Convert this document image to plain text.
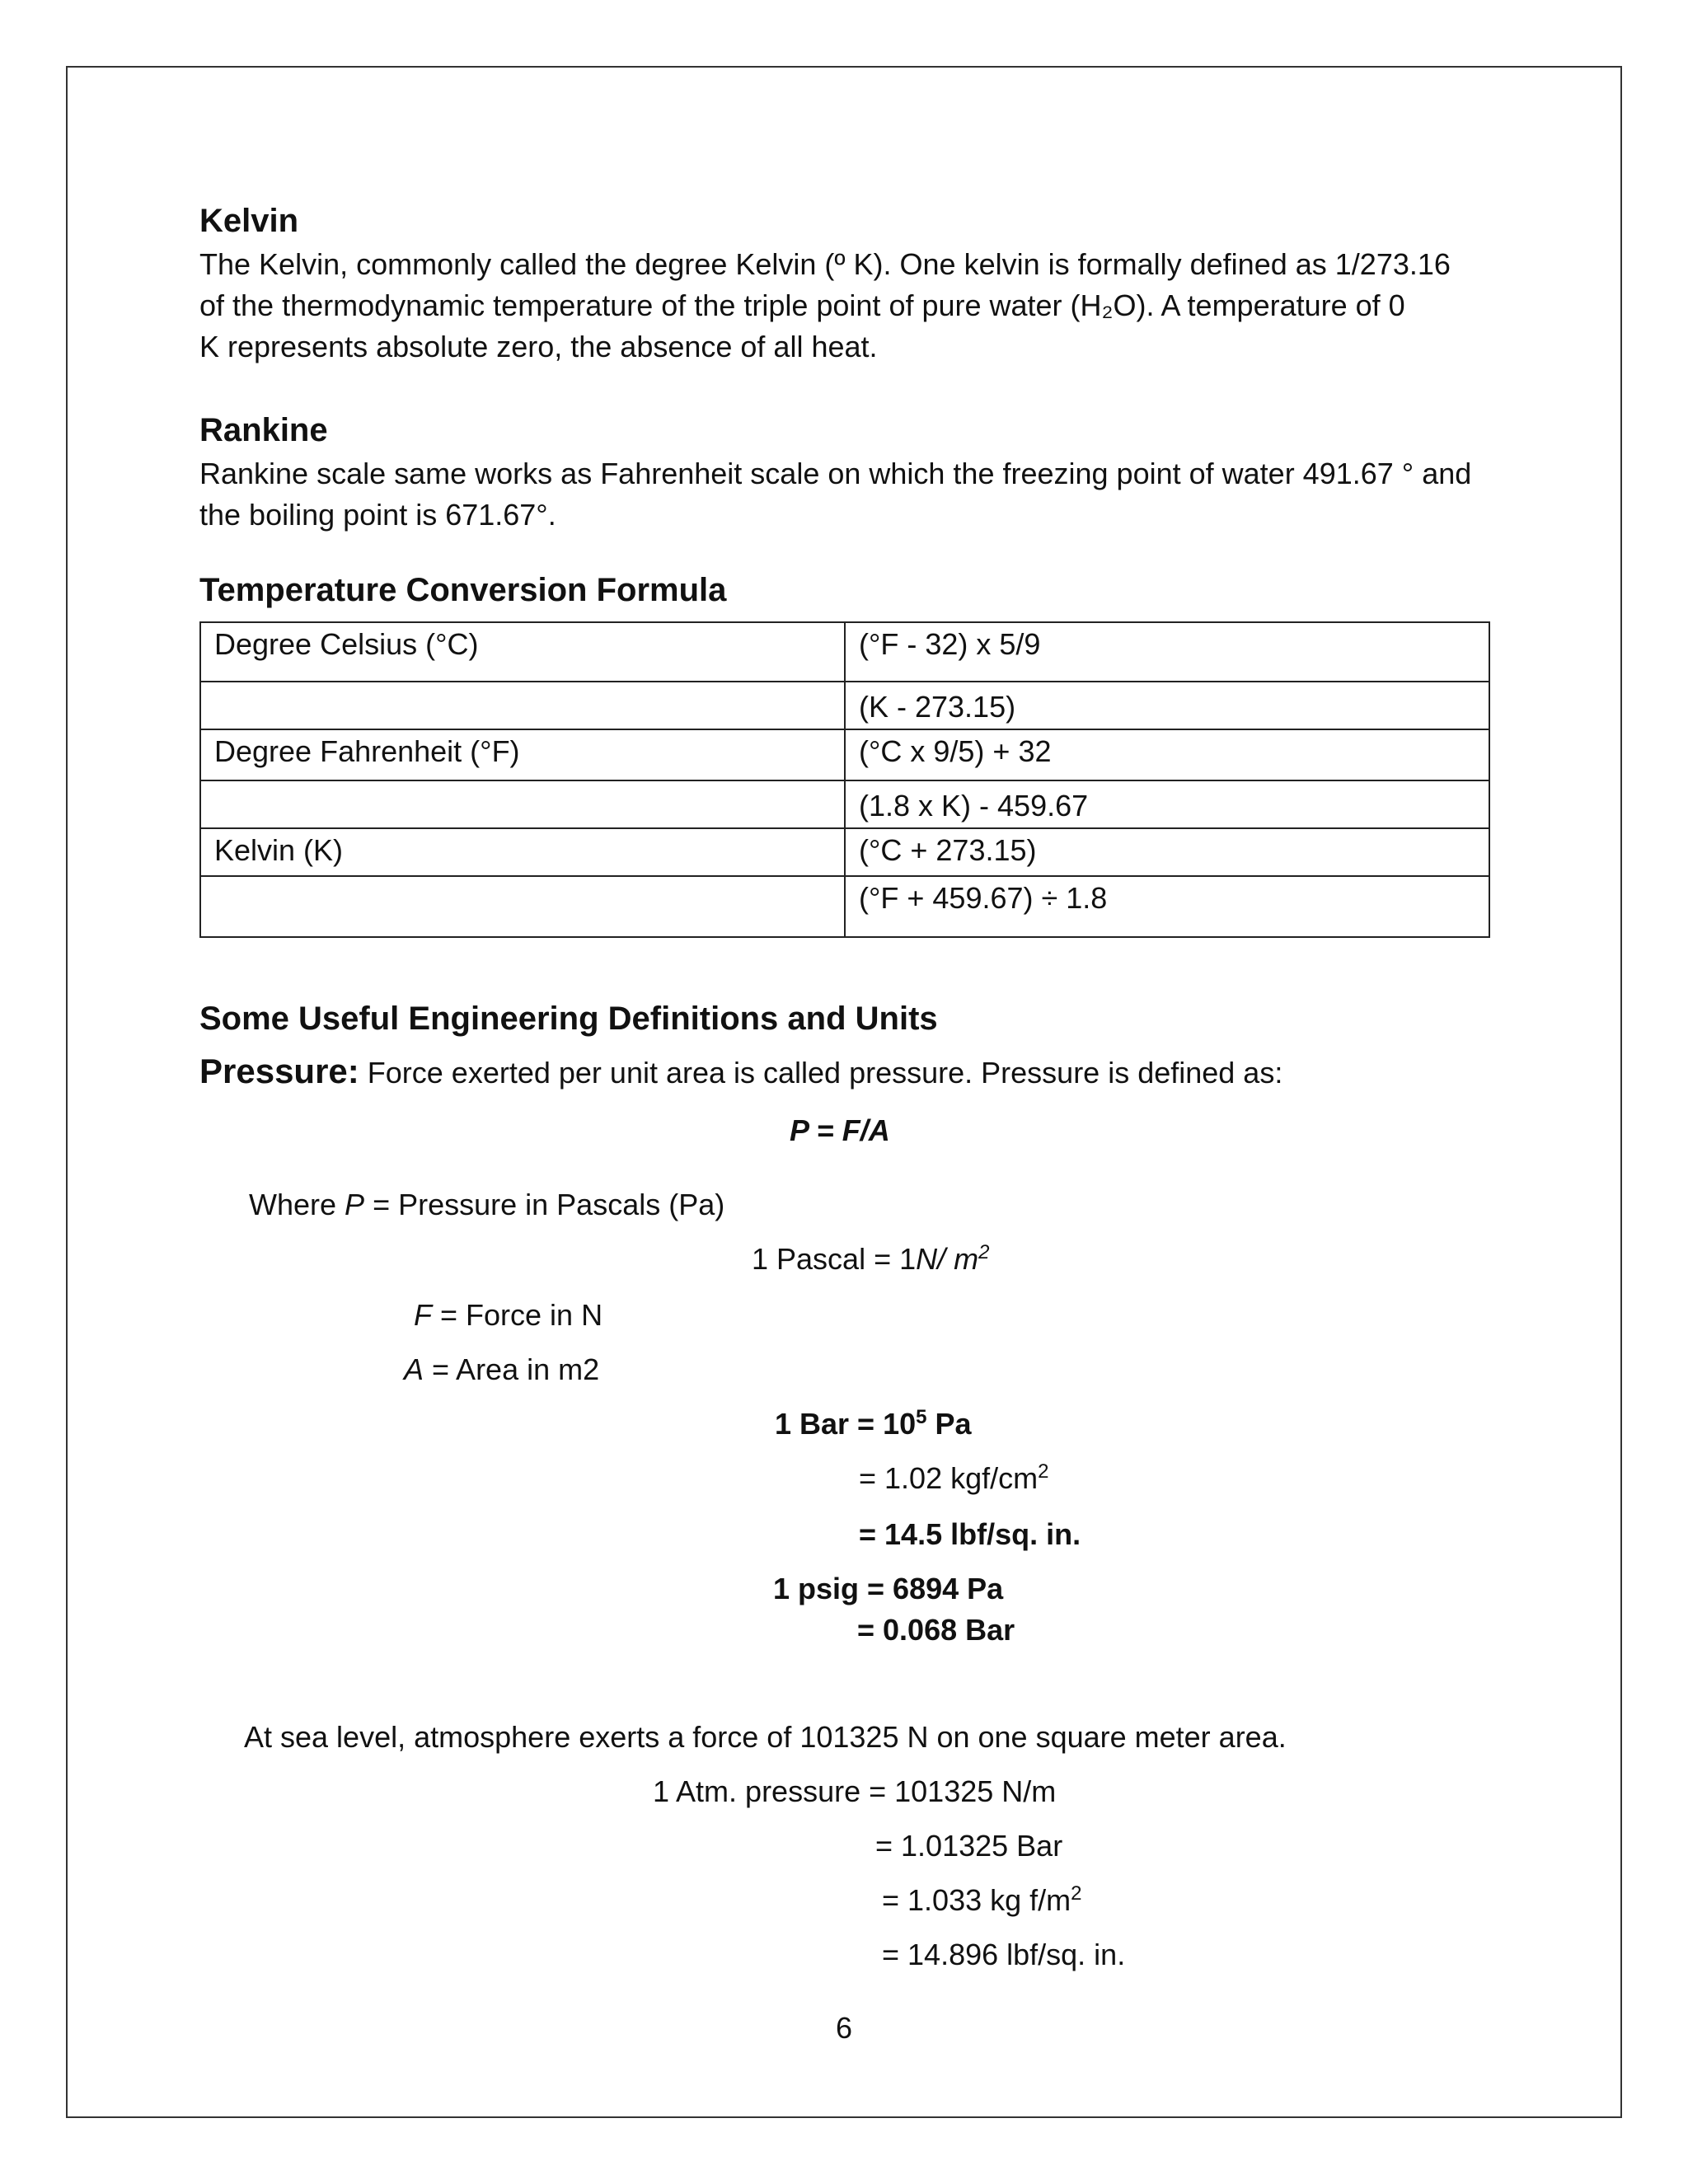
Kelvin

The Kelvin, commonly called the degree Kelvin (º K). One kelvin is formally defined as 1/273.16

of the thermodynamic temperature of the triple point of pure water (H₂O). A temperature of 0

K represents absolute zero, the absence of all heat.

Rankine

Rankine scale same works as Fahrenheit scale on which the freezing point of water 491.67 ° and

the boiling point is 671.67°.

Temperature Conversion Formula
Degree Celsius (°C)	(°F - 32) x 5/9
	(K - 273.15)
Degree Fahrenheit (°F)	(°C x 9/5) + 32
	(1.8 x K) - 459.67
Kelvin (K)	(°C + 273.15)
	(°F + 459.67) ÷ 1.8
Some Useful Engineering Definitions and Units
Pressure: Force exerted per unit area is called pressure. Pressure is defined as:
P = F/A
Where P = Pressure in Pascals (Pa)
1 Pascal = 1N/ $m^2$
F = Force in N
A = Area in m2
1 Bar = $10^5$ Pa
= 1.02 kgf/$cm^2$
= 14.5 lbf/sq. in.
1 psig = 6894 Pa
= 0.068 Bar
At sea level, atmosphere exerts a force of 101325 N on one square meter area.
1 Atm. pressure = 101325 N/m
= 1.01325 Bar
= 1.033 kg $f/m^2$
= 14.896 lbf/sq. in.
6
